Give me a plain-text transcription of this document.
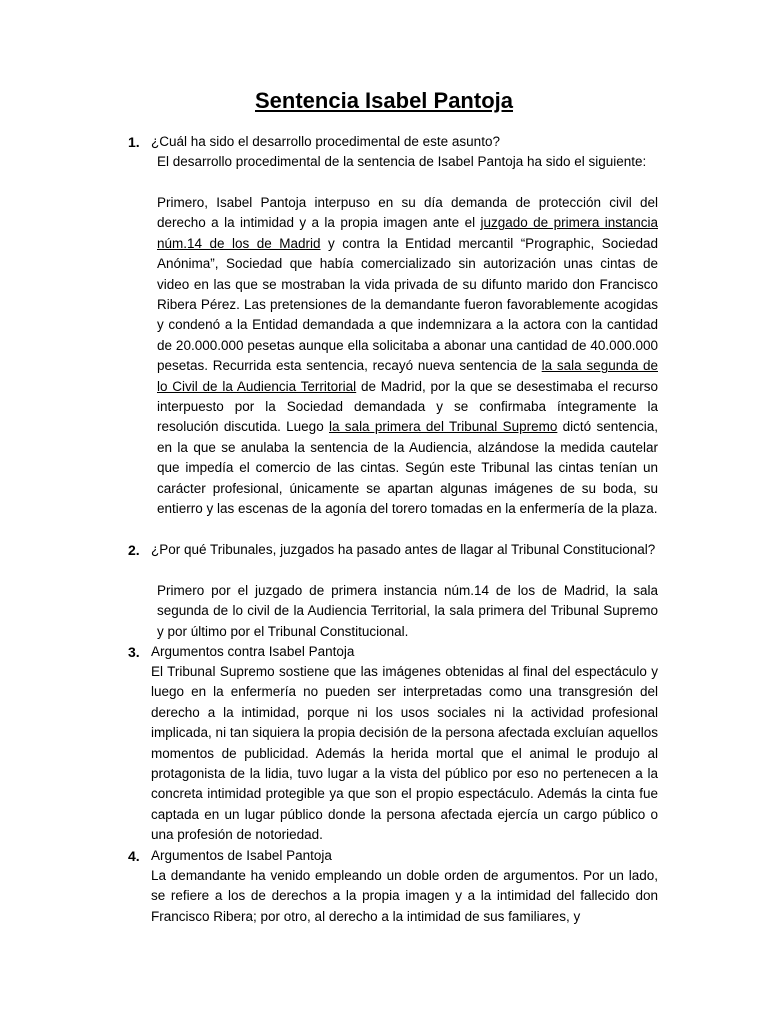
Sentencia Isabel Pantoja
1. ¿Cuál ha sido el desarrollo procedimental de este asunto?

El desarrollo procedimental de la sentencia de Isabel Pantoja ha sido el siguiente:

Primero, Isabel Pantoja interpuso en su día demanda de protección civil del derecho a la intimidad y a la propia imagen ante el juzgado de primera instancia núm.14 de los de Madrid y contra la Entidad mercantil “Prographic, Sociedad Anónima”, Sociedad que había comercializado sin autorización unas cintas de video en las que se mostraban la vida privada de su difunto marido don Francisco Ribera Pérez. Las pretensiones de la demandante fueron favorablemente acogidas y condenó a la Entidad demandada a que indemnizara a la actora con la cantidad de 20.000.000 pesetas aunque ella solicitaba a abonar una cantidad de 40.000.000 pesetas. Recurrida esta sentencia, recayó nueva sentencia de la sala segunda de lo Civil de la Audiencia Territorial de Madrid, por la que se desestimaba el recurso interpuesto por la Sociedad demandada y se confirmaba íntegramente la resolución discutida. Luego la sala primera del Tribunal Supremo dictó sentencia, en la que se anulaba la sentencia de la Audiencia, alzándose la medida cautelar que impedía el comercio de las cintas. Según este Tribunal las cintas tenían un carácter profesional, únicamente se apartan algunas imágenes de su boda, su entierro y las escenas de la agonía del torero tomadas en la enfermería de la plaza.

2. ¿Por qué Tribunales, juzgados ha pasado antes de llagar al Tribunal Constitucional?

Primero por el juzgado de primera instancia núm.14 de los de Madrid, la sala segunda de lo civil de la Audiencia Territorial, la sala primera del Tribunal Supremo y por último por el Tribunal Constitucional.

3. Argumentos contra Isabel Pantoja

El Tribunal Supremo sostiene que las imágenes obtenidas al final del espectáculo y luego en la enfermería no pueden ser interpretadas como una transgresión del derecho a la intimidad, porque ni los usos sociales ni la actividad profesional implicada, ni tan siquiera la propia decisión de la persona afectada excluían aquellos momentos de publicidad. Además la herida mortal que el animal le produjo al protagonista de la lidia, tuvo lugar a la vista del público por eso no pertenecen a la concreta intimidad protegible ya que son el propio espectáculo. Además la cinta fue captada en un lugar público donde la persona afectada ejercía un cargo público o una profesión de notoriedad.

4. Argumentos de Isabel Pantoja

La demandante ha venido empleando un doble orden de argumentos. Por un lado, se refiere a los de derechos a la propia imagen y a la intimidad del fallecido don Francisco Ribera; por otro, al derecho a la intimidad de sus familiares, y
